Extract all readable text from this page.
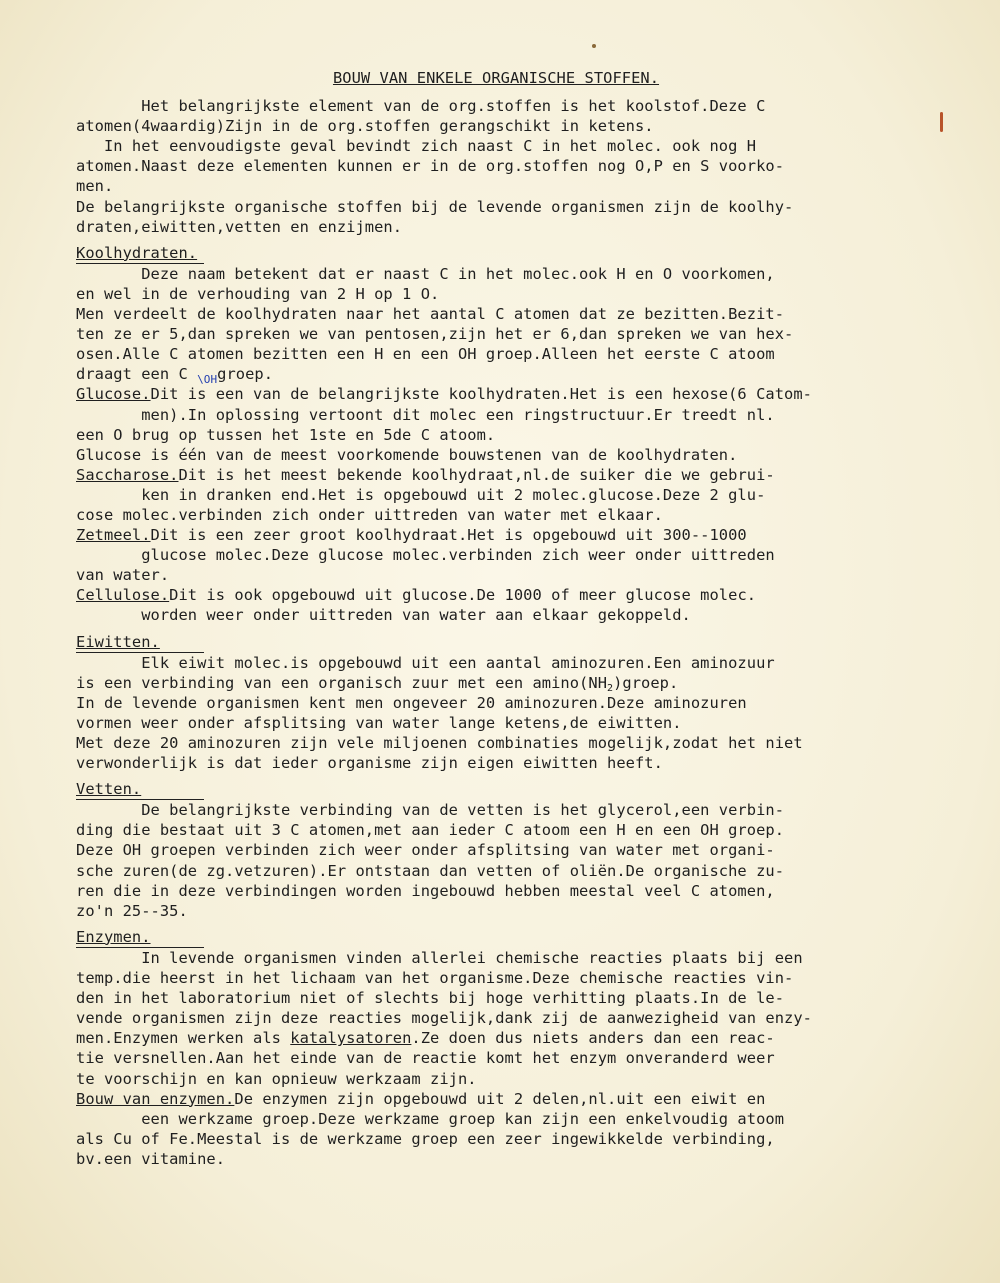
BOUW VAN ENKELE ORGANISCHE STOFFEN.
Het belangrijkste element van de org.stoffen is het koolstof.Deze C
atomen(4waardig)Zijn in de org.stoffen gerangschikt in ketens.
In het eenvoudigste geval bevindt zich naast C in het molec. ook nog H
atomen.Naast deze elementen kunnen er in de org.stoffen nog O,P en S voorko-
men.
De belangrijkste organische stoffen bij de levende organismen zijn de koolhy-
draten,eiwitten,vetten en enzijmen.
Koolhydraten.
Deze naam betekent dat er naast C in het molec.ook H en O voorkomen,
en wel in de verhouding van 2 H op 1 O.
Men verdeelt de koolhydraten naar het aantal C atomen dat ze bezitten.Bezit-
ten ze er 5,dan spreken we van pentosen,zijn het er 6,dan spreken we van hex-
osen.Alle C atomen bezitten een H en een OH groep.Alleen het eerste C atoom
draagt een C $_{\backslash OH}$groep.
Glucose.Dit is een van de belangrijkste koolhydraten.Het is een hexose(6 Catom-
men).In oplossing vertoont dit molec een ringstructuur.Er treedt nl.
een O brug op tussen het 1ste en 5de C atoom.
Glucose is één van de meest voorkomende bouwstenen van de koolhydraten.
Saccharose.Dit is het meest bekende koolhydraat,nl.de suiker die we gebrui-
ken in dranken end.Het is opgebouwd uit 2 molec.glucose.Deze 2 glu-
cose molec.verbinden zich onder uittreden van water met elkaar.
Zetmeel.Dit is een zeer groot koolhydraat.Het is opgebouwd uit 300--1000
glucose molec.Deze glucose molec.verbinden zich weer onder uittreden
van water.
Cellulose.Dit is ook opgebouwd uit glucose.De 1000 of meer glucose molec.
worden weer onder uittreden van water aan elkaar gekoppeld.
Eiwitten.
Elk eiwit molec.is opgebouwd uit een aantal aminozuren.Een aminozuur
is een verbinding van een organisch zuur met een $amino(NH_2)groep$.
In de levende organismen kent men ongeveer 20 aminozuren.Deze aminozuren
vormen weer onder afsplitsing van water lange ketens,de eiwitten.
Met deze 20 aminozuren zijn vele miljoenen combinaties mogelijk,zodat het niet
verwonderlijk is dat ieder organisme zijn eigen eiwitten heeft.
Vetten.
De belangrijkste verbinding van de vetten is het glycerol,een verbin-
ding die bestaat uit 3 C atomen,met aan ieder C atoom een H en een OH groep.
Deze OH groepen verbinden zich weer onder afsplitsing van water met organi-
sche zuren(de zg.vetzuren).Er ontstaan dan vetten of oliën.De organische zu-
ren die in deze verbindingen worden ingebouwd hebben meestal veel C atomen,
zo'n 25--35.
Enzymen.
In levende organismen vinden allerlei chemische reacties plaats bij een
temp.die heerst in het lichaam van het organisme.Deze chemische reacties vin-
den in het laboratorium niet of slechts bij hoge verhitting plaats.In de le-
vende organismen zijn deze reacties mogelijk,dank zij de aanwezigheid van enzy-
men.Enzymen werken als katalysatoren.Ze doen dus niets anders dan een reac-
tie versnellen.Aan het einde van de reactie komt het enzym onveranderd weer
te voorschijn en kan opnieuw werkzaam zijn.
Bouw van enzymen.De enzymen zijn opgebouwd uit 2 delen,nl.uit een eiwit en
een werkzame groep.Deze werkzame groep kan zijn een enkelvoudig atoom
als Cu of Fe.Meestal is de werkzame groep een zeer ingewikkelde verbinding,
bv.een vitamine.
